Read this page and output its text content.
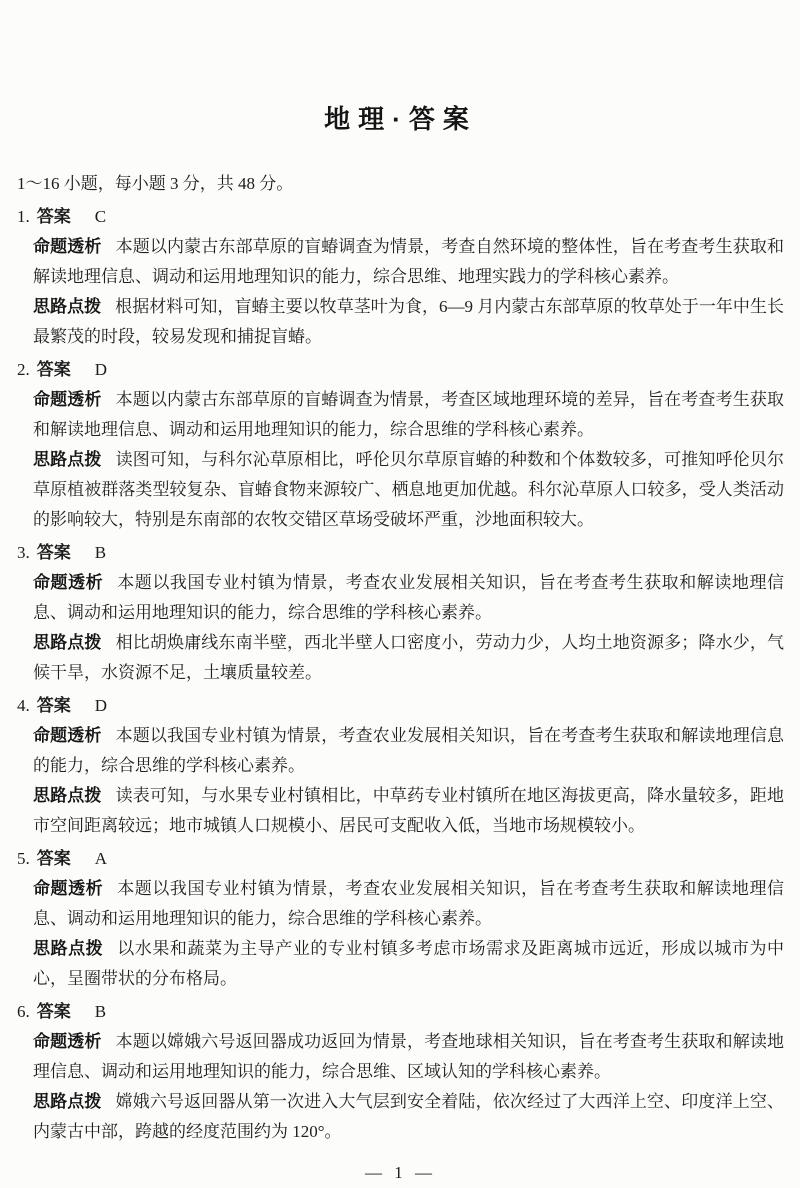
地理·答案

1～16 小题，每小题 3 分，共 48 分。

1. 答案 C

命题透析 本题以内蒙古东部草原的盲蝽调查为情景，考查自然环境的整体性，旨在考查考生获取和解读地理信息、调动和运用地理知识的能力，综合思维、地理实践力的学科核心素养。

思路点拨 根据材料可知，盲蝽主要以牧草茎叶为食，6—9 月内蒙古东部草原的牧草处于一年中生长最繁茂的时段，较易发现和捕捉盲蝽。

2. 答案 D

命题透析 本题以内蒙古东部草原的盲蝽调查为情景，考查区域地理环境的差异，旨在考查考生获取和解读地理信息、调动和运用地理知识的能力，综合思维的学科核心素养。

思路点拨 读图可知，与科尔沁草原相比，呼伦贝尔草原盲蝽的种数和个体数较多，可推知呼伦贝尔草原植被群落类型较复杂、盲蝽食物来源较广、栖息地更加优越。科尔沁草原人口较多，受人类活动的影响较大，特别是东南部的农牧交错区草场受破坏严重，沙地面积较大。

3. 答案 B

命题透析 本题以我国专业村镇为情景，考查农业发展相关知识，旨在考查考生获取和解读地理信息、调动和运用地理知识的能力，综合思维的学科核心素养。

思路点拨 相比胡焕庸线东南半壁，西北半壁人口密度小，劳动力少，人均土地资源多；降水少，气候干旱，水资源不足，土壤质量较差。

4. 答案 D

命题透析 本题以我国专业村镇为情景，考查农业发展相关知识，旨在考查考生获取和解读地理信息的能力，综合思维的学科核心素养。

思路点拨 读表可知，与水果专业村镇相比，中草药专业村镇所在地区海拔更高，降水量较多，距地市空间距离较远；地市城镇人口规模小、居民可支配收入低，当地市场规模较小。

5. 答案 A

命题透析 本题以我国专业村镇为情景，考查农业发展相关知识，旨在考查考生获取和解读地理信息、调动和运用地理知识的能力，综合思维的学科核心素养。

思路点拨 以水果和蔬菜为主导产业的专业村镇多考虑市场需求及距离城市远近，形成以城市为中心，呈圈带状的分布格局。

6. 答案 B

命题透析 本题以嫦娥六号返回器成功返回为情景，考查地球相关知识，旨在考查考生获取和解读地理信息、调动和运用地理知识的能力，综合思维、区域认知的学科核心素养。

思路点拨 嫦娥六号返回器从第一次进入大气层到安全着陆，依次经过了大西洋上空、印度洋上空、内蒙古中部，跨越的经度范围约为 120°。

— 1 —
